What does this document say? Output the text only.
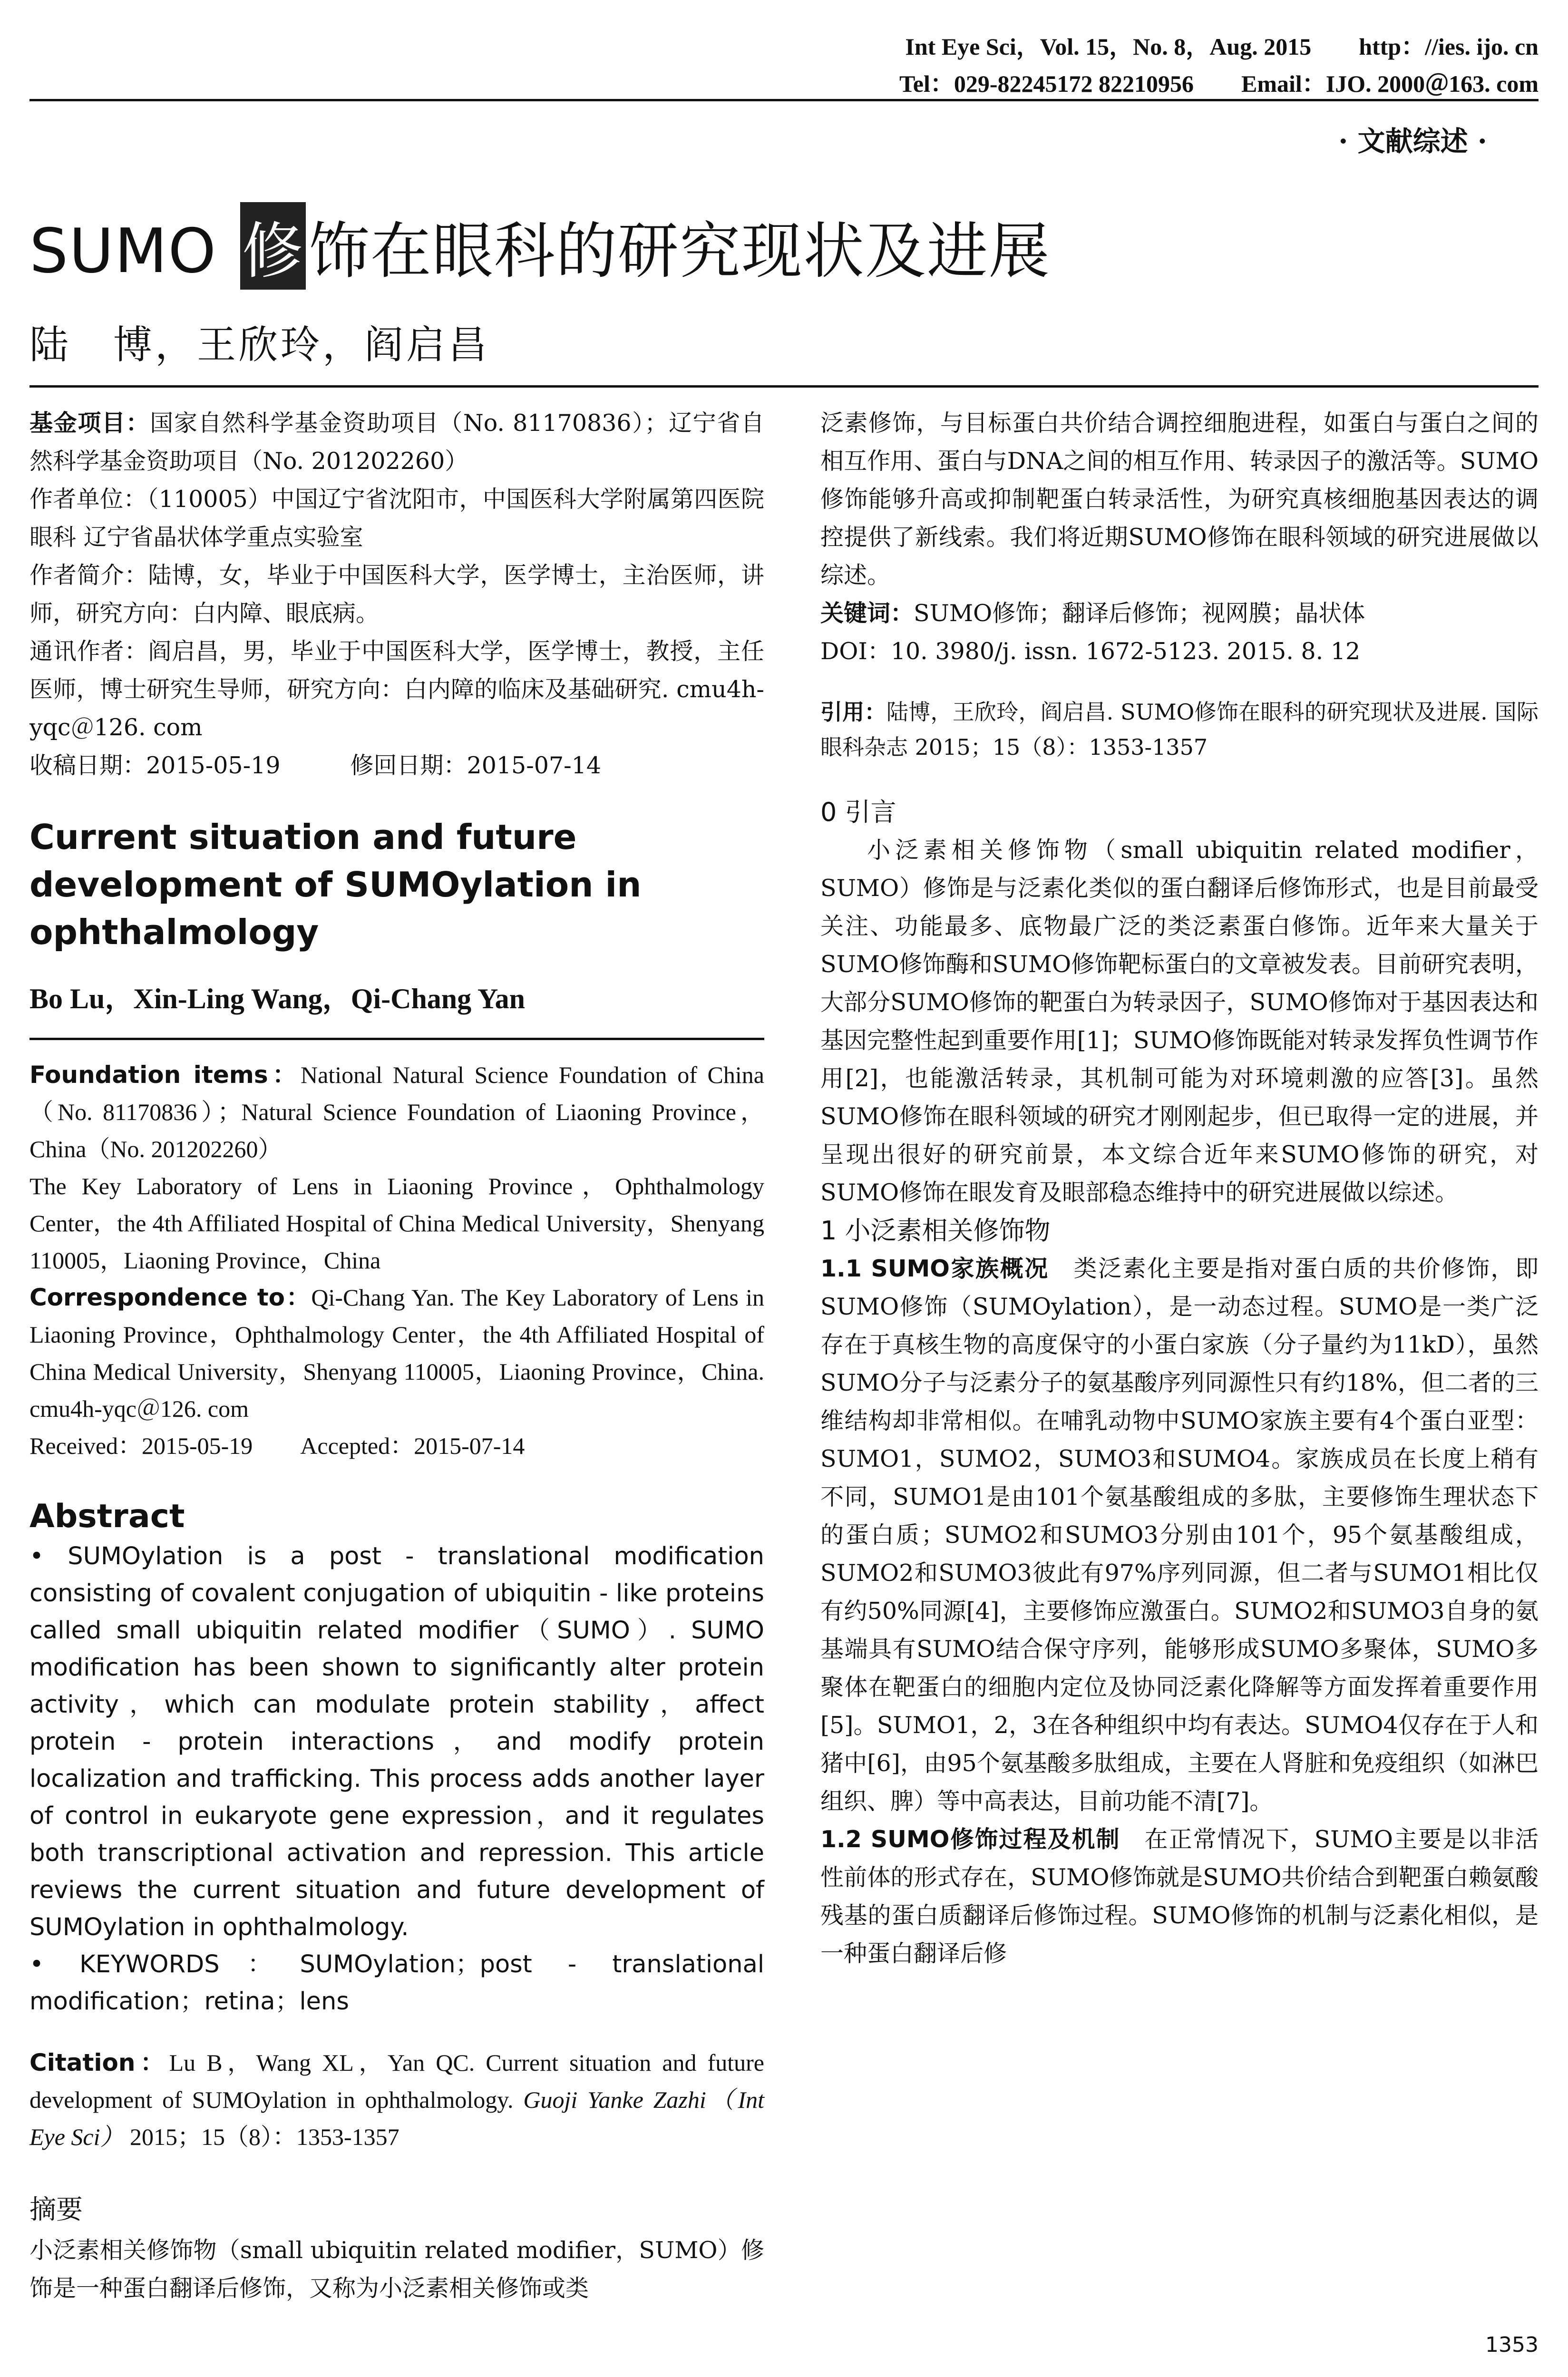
Int Eye Sci，Vol. 15，No. 8，Aug. 2015 http：//ies. ijo. cn
Tel：029-82245172 82210956 Email：IJO. 2000＠163. com
· 文献综述 ·
SUMO 修饰在眼科的研究现状及进展
陆　博，王欣玲，阎启昌

基金项目：国家自然科学基金资助项目（No. 81170836）；辽宁省自然科学基金资助项目（No. 201202260）

作者单位：（110005）中国辽宁省沈阳市，中国医科大学附属第四医院眼科 辽宁省晶状体学重点实验室

作者简介：陆博，女，毕业于中国医科大学，医学博士，主治医师，讲师，研究方向：白内障、眼底病。

通讯作者：阎启昌，男，毕业于中国医科大学，医学博士，教授，主任医师，博士研究生导师，研究方向：白内障的临床及基础研究. cmu4h-yqc＠126. com

收稿日期：2015-05-19　　　修回日期：2015-07-14

Current situation and future development of SUMOylation in ophthalmology
Bo Lu，Xin-Ling Wang，Qi-Chang Yan

Foundation items：National Natural Science Foundation of China（No. 81170836）；Natural Science Foundation of Liaoning Province，China（No. 201202260）

The Key Laboratory of Lens in Liaoning Province，Ophthalmology Center，the 4th Affiliated Hospital of China Medical University，Shenyang 110005，Liaoning Province，China

Correspondence to：Qi-Chang Yan. The Key Laboratory of Lens in Liaoning Province，Ophthalmology Center，the 4th Affiliated Hospital of China Medical University，Shenyang 110005，Liaoning Province，China. cmu4h-yqc＠126. com

Received：2015-05-19　　Accepted：2015-07-14

Abstract

• SUMOylation is a post - translational modification consisting of covalent conjugation of ubiquitin - like proteins called small ubiquitin related modifier（SUMO）. SUMO modification has been shown to significantly alter protein activity，which can modulate protein stability，affect protein - protein interactions，and modify protein localization and trafficking. This process adds another layer of control in eukaryote gene expression，and it regulates both transcriptional activation and repression. This article reviews the current situation and future development of SUMOylation in ophthalmology.

• KEYWORDS：SUMOylation；post - translational modification；retina；lens

Citation：Lu B，Wang XL，Yan QC. Current situation and future development of SUMOylation in ophthalmology. Guoji Yanke Zazhi（Int Eye Sci） 2015；15（8）：1353-1357

摘要

小泛素相关修饰物（small ubiquitin related modifier，SUMO）修饰是一种蛋白翻译后修饰，又称为小泛素相关修饰或类

泛素修饰，与目标蛋白共价结合调控细胞进程，如蛋白与蛋白之间的相互作用、蛋白与DNA之间的相互作用、转录因子的激活等。SUMO修饰能够升高或抑制靶蛋白转录活性，为研究真核细胞基因表达的调控提供了新线索。我们将近期SUMO修饰在眼科领域的研究进展做以综述。

关键词：SUMO修饰；翻译后修饰；视网膜；晶状体

DOI：10. 3980/j. issn. 1672-5123. 2015. 8. 12

引用：陆博，王欣玲，阎启昌. SUMO修饰在眼科的研究现状及进展. 国际眼科杂志 2015；15（8）：1353-1357

0 引言

小泛素相关修饰物（small ubiquitin related modifier，SUMO）修饰是与泛素化类似的蛋白翻译后修饰形式，也是目前最受关注、功能最多、底物最广泛的类泛素蛋白修饰。近年来大量关于SUMO修饰酶和SUMO修饰靶标蛋白的文章被发表。目前研究表明，大部分SUMO修饰的靶蛋白为转录因子，SUMO修饰对于基因表达和基因完整性起到重要作用[1]；SUMO修饰既能对转录发挥负性调节作用[2]，也能激活转录，其机制可能为对环境刺激的应答[3]。虽然SUMO修饰在眼科领域的研究才刚刚起步，但已取得一定的进展，并呈现出很好的研究前景，本文综合近年来SUMO修饰的研究，对SUMO修饰在眼发育及眼部稳态维持中的研究进展做以综述。

1 小泛素相关修饰物

1.1 SUMO家族概况　 类泛素化主要是指对蛋白质的共价修饰，即SUMO修饰（SUMOylation），是一动态过程。SUMO是一类广泛存在于真核生物的高度保守的小蛋白家族（分子量约为11kD），虽然SUMO分子与泛素分子的氨基酸序列同源性只有约18%，但二者的三维结构却非常相似。在哺乳动物中SUMO家族主要有4个蛋白亚型：SUMO1，SUMO2，SUMO3和SUMO4。家族成员在长度上稍有不同，SUMO1是由101个氨基酸组成的多肽，主要修饰生理状态下的蛋白质；SUMO2和SUMO3分别由101个，95个氨基酸组成，SUMO2和SUMO3彼此有97%序列同源，但二者与SUMO1相比仅有约50%同源[4]，主要修饰应激蛋白。SUMO2和SUMO3自身的氨基端具有SUMO结合保守序列，能够形成SUMO多聚体，SUMO多聚体在靶蛋白的细胞内定位及协同泛素化降解等方面发挥着重要作用[5]。SUMO1，2，3在各种组织中均有表达。SUMO4仅存在于人和猪中[6]，由95个氨基酸多肽组成，主要在人肾脏和免疫组织（如淋巴组织、脾）等中高表达，目前功能不清[7]。

1.2 SUMO修饰过程及机制　 在正常情况下，SUMO主要是以非活性前体的形式存在，SUMO修饰就是SUMO共价结合到靶蛋白赖氨酸残基的蛋白质翻译后修饰过程。SUMO修饰的机制与泛素化相似，是一种蛋白翻译后修

1353
